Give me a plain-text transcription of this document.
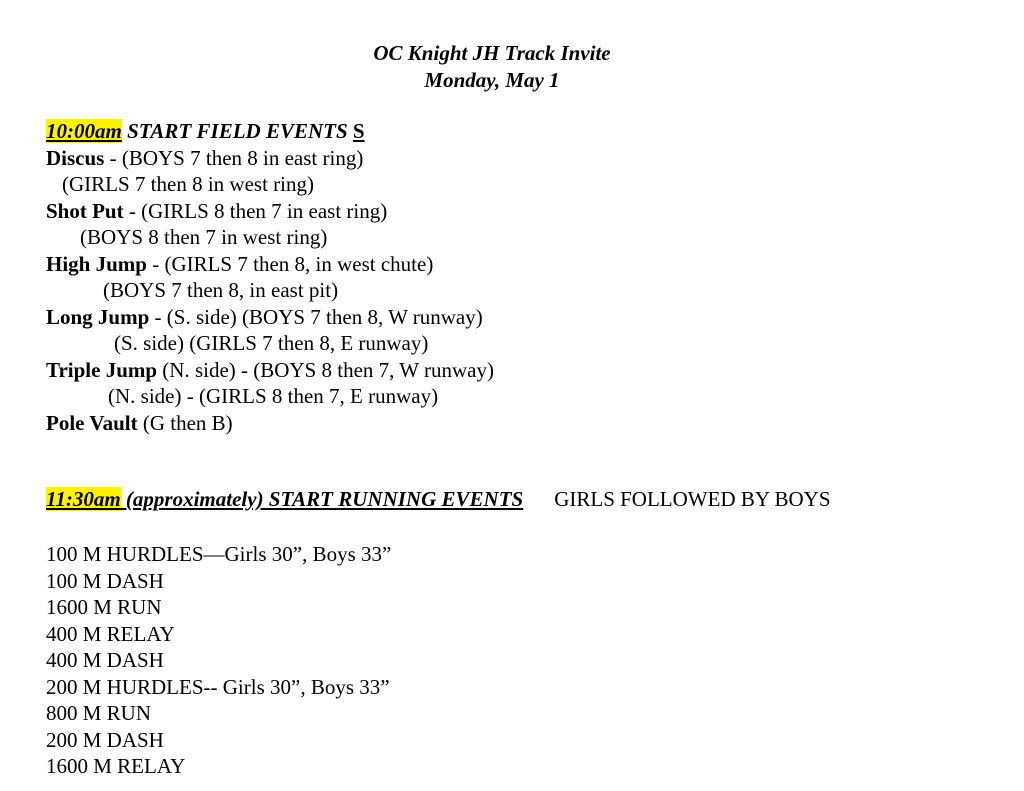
OC Knight JH Track Invite
Monday, May 1
10:00am START FIELD EVENTS S
Discus - (BOYS 7 then 8 in east ring)
(GIRLS 7 then 8 in west ring)
Shot Put - (GIRLS 8 then 7 in east ring)
(BOYS 8 then 7 in west ring)
High Jump - (GIRLS 7 then 8, in west chute)
(BOYS 7 then 8, in east pit)
Long Jump - (S. side) (BOYS 7 then 8, W runway)
(S. side) (GIRLS 7 then 8, E runway)
Triple Jump (N. side) - (BOYS 8 then 7, W runway)
(N. side) - (GIRLS 8 then 7, E runway)
Pole Vault (G then B)
11:30am (approximately) START RUNNING EVENTS GIRLS FOLLOWED BY BOYS
100 M HURDLES—Girls 30”, Boys 33”
100 M DASH
1600 M RUN
400 M RELAY
400 M DASH
200 M HURDLES-- Girls 30”, Boys 33”
800 M RUN
200 M DASH
1600 M RELAY
